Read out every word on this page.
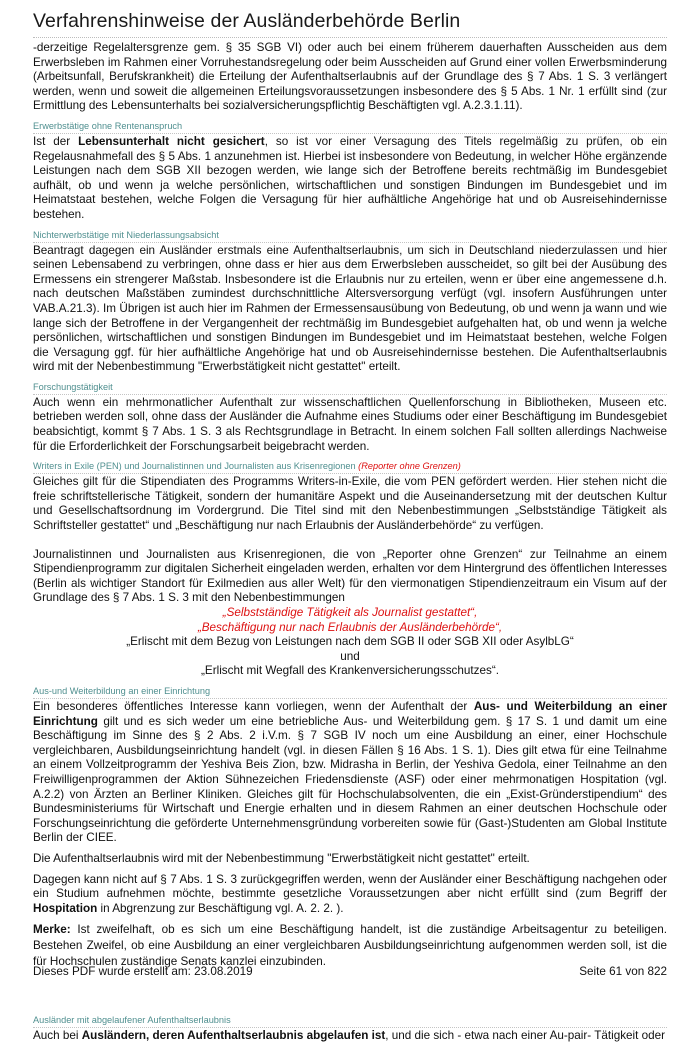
Verfahrenshinweise der Ausländerbehörde Berlin

-derzeitige Regelaltersgrenze gem. § 35 SGB VI) oder auch bei einem früherem dauerhaften Ausscheiden aus dem Erwerbsleben im Rahmen einer Vorruhestandsregelung oder beim Ausscheiden auf Grund einer vollen Erwerbsminderung (Arbeitsunfall, Berufskrankheit) die Erteilung der Aufenthaltserlaubnis auf der Grundlage des § 7 Abs. 1 S. 3 verlängert werden, wenn und soweit die allgemeinen Erteilungsvoraussetzungen insbesondere des § 5 Abs. 1 Nr. 1 erfüllt sind (zur Ermittlung des Lebensunterhalts bei sozialversicherungspflichtig Beschäftigten vgl. A.2.3.1.11).

Erwerbstätige ohne Rentenanspruch

Ist der Lebensunterhalt nicht gesichert, so ist vor einer Versagung des Titels regelmäßig zu prüfen, ob ein Regelausnahmefall des § 5 Abs. 1 anzunehmen ist. Hierbei ist insbesondere von Bedeutung, in welcher Höhe ergänzende Leistungen nach dem SGB XII bezogen werden, wie lange sich der Betroffene bereits rechtmäßig im Bundesgebiet aufhält, ob und wenn ja welche persönlichen, wirtschaftlichen und sonstigen Bindungen im Bundesgebiet und im Heimatstaat bestehen, welche Folgen die Versagung für hier aufhältliche Angehörige hat und ob Ausreisehindernisse bestehen.

Nichterwerbstätige mit Niederlassungsabsicht

Beantragt dagegen ein Ausländer erstmals eine Aufenthaltserlaubnis, um sich in Deutschland niederzulassen und hier seinen Lebensabend zu verbringen, ohne dass er hier aus dem Erwerbsleben ausscheidet, so gilt bei der Ausübung des Ermessens ein strengerer Maßstab. Insbesondere ist die Erlaubnis nur zu erteilen, wenn er über eine angemessene d.h. nach deutschen Maßstäben zumindest durchschnittliche Altersversorgung verfügt (vgl. insofern Ausführungen unter VAB.A.21.3). Im Übrigen ist auch hier im Rahmen der Ermessensausübung von Bedeutung, ob und wenn ja wann und wie lange sich der Betroffene in der Vergangenheit der rechtmäßig im Bundesgebiet aufgehalten hat, ob und wenn ja welche persönlichen, wirtschaftlichen und sonstigen Bindungen im Bundesgebiet und im Heimatstaat bestehen, welche Folgen die Versagung ggf. für hier aufhältliche Angehörige hat und ob Ausreisehindernisse bestehen. Die Aufenthaltserlaubnis wird mit der Nebenbestimmung "Erwerbstätigkeit nicht gestattet" erteilt.

Forschungstätigkeit

Auch wenn ein mehrmonatlicher Aufenthalt zur wissenschaftlichen Quellenforschung in Bibliotheken, Museen etc. betrieben werden soll, ohne dass der Ausländer die Aufnahme eines Studiums oder einer Beschäftigung im Bundesgebiet beabsichtigt, kommt § 7 Abs. 1 S. 3 als Rechtsgrundlage in Betracht. In einem solchen Fall sollten allerdings Nachweise für die Erforderlichkeit der Forschungsarbeit beigebracht werden.

Writers in Exile (PEN) und Journalistinnen und Journalisten aus Krisenregionen (Reporter ohne Grenzen)

Gleiches gilt für die Stipendiaten des Programms Writers-in-Exile, die vom PEN gefördert werden. Hier stehen nicht die freie schriftstellerische Tätigkeit, sondern der humanitäre Aspekt und die Auseinandersetzung mit der deutschen Kultur und Gesellschaftsordnung im Vordergrund. Die Titel sind mit den Nebenbestimmungen „Selbstständige Tätigkeit als Schriftsteller gestattet“ und „Beschäftigung nur nach Erlaubnis der Ausländerbehörde“ zu verfügen.

Journalistinnen und Journalisten aus Krisenregionen, die von „Reporter ohne Grenzen“ zur Teilnahme an einem Stipendienprogramm zur digitalen Sicherheit eingeladen werden, erhalten vor dem Hintergrund des öffentlichen Interesses (Berlin als wichtiger Standort für Exilmedien aus aller Welt) für den viermonatigen Stipendienzeitraum ein Visum auf der Grundlage des § 7 Abs. 1 S. 3 mit den Nebenbestimmungen

„Selbstständige Tätigkeit als Journalist gestattet“,

„Beschäftigung nur nach Erlaubnis der Ausländerbehörde“,

„Erlischt mit dem Bezug von Leistungen nach dem SGB II oder SGB XII oder AsylbLG“

und

„Erlischt mit Wegfall des Krankenversicherungsschutzes“.

Aus-und Weiterbildung an einer Einrichtung

Ein besonderes öffentliches Interesse kann vorliegen, wenn der Aufenthalt der Aus- und Weiterbildung an einer Einrichtung gilt und es sich weder um eine betriebliche Aus- und Weiterbildung gem. § 17 S. 1 und damit um eine Beschäftigung im Sinne des § 2 Abs. 2 i.V.m. § 7 SGB IV noch um eine Ausbildung an einer, einer Hochschule vergleichbaren, Ausbildungseinrichtung handelt (vgl. in diesen Fällen § 16 Abs. 1 S. 1). Dies gilt etwa für eine Teilnahme an einem Vollzeitprogramm der Yeshiva Beis Zion, bzw. Midrasha in Berlin, der Yeshiva Gedola, einer Teilnahme an den Freiwilligenprogrammen der Aktion Sühnezeichen Friedensdienste (ASF) oder einer mehrmonatigen Hospitation (vgl. A.2.2) von Ärzten an Berliner Kliniken. Gleiches gilt für Hochschulabsolventen, die ein „Exist-Gründerstipendium“ des Bundesministeriums für Wirtschaft und Energie erhalten und in diesem Rahmen an einer deutschen Hochschule oder Forschungseinrichtung die geförderte Unternehmensgründung vorbereiten sowie für (Gast-)Studenten am Global Institute Berlin der CIEE.

Die Aufenthaltserlaubnis wird mit der Nebenbestimmung "Erwerbstätigkeit nicht gestattet" erteilt.

Dagegen kann nicht auf § 7 Abs. 1 S. 3 zurückgegriffen werden, wenn der Ausländer einer Beschäftigung nachgehen oder ein Studium aufnehmen möchte, bestimmte gesetzliche Voraussetzungen aber nicht erfüllt sind (zum Begriff der Hospitation in Abgrenzung zur Beschäftigung vgl. A. 2. 2. ).

Merke: Ist zweifelhaft, ob es sich um eine Beschäftigung handelt, ist die zuständige Arbeitsagentur zu beteiligen. Bestehen Zweifel, ob eine Ausbildung an einer vergleichbaren Ausbildungseinrichtung aufgenommen werden soll, ist die für Hochschulen zuständige Senats kanzlei einzubinden.

Ausländer mit abgelaufener Aufenthaltserlaubnis

Auch bei Ausländern, deren Aufenthaltserlaubnis abgelaufen ist, und die sich - etwa nach einer Au-pair- Tätigkeit oder

Dieses PDF wurde erstellt am: 23.08.2019	Seite 61 von 822
